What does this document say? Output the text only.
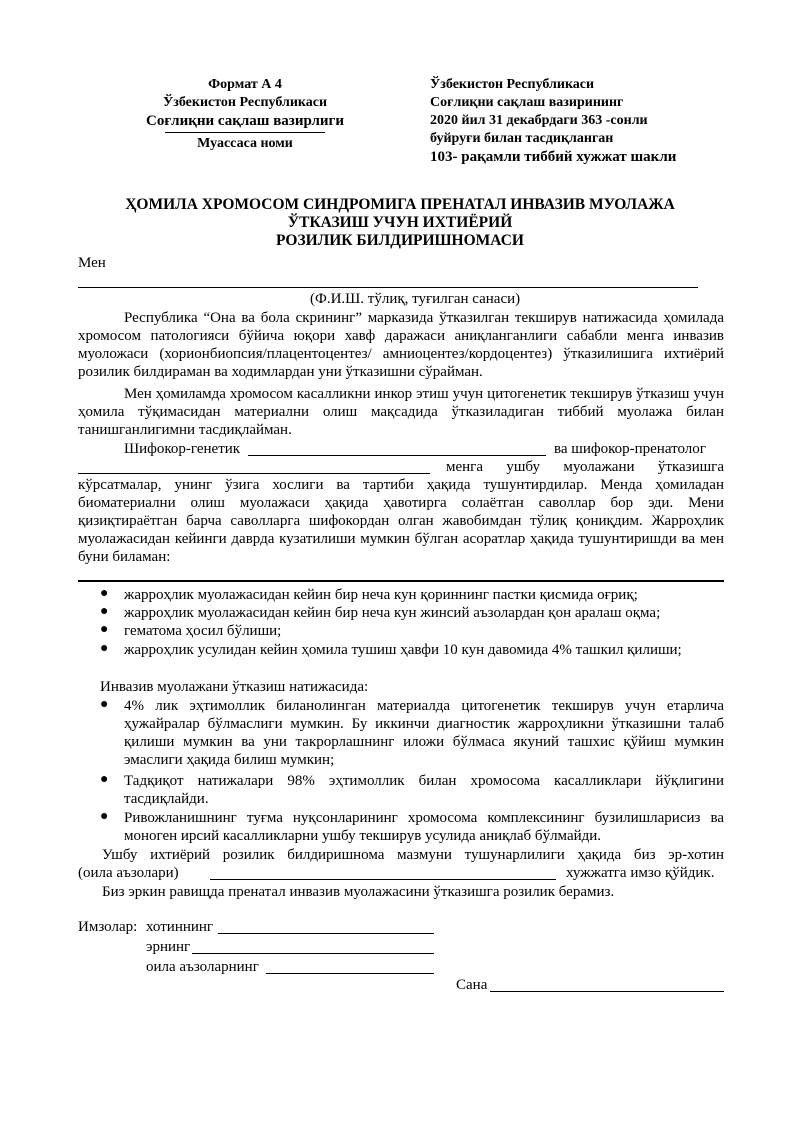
Формат А 4
Ўзбекистон Республикаси
Соғлиқни сақлаш вазирлиги
Муассаса номи
Ўзбекистон Республикаси
Соғлиқни сақлаш вазирининг
2020 йил 31 декабрдаги 363 -сонли
буйруғи билан тасдиқланган
103- рақамли тиббий хужжат шакли
ҲОМИЛА ХРОМОСОМ СИНДРОМИГА ПРЕНАТАЛ ИНВАЗИВ МУОЛАЖА
ЎТКАЗИШ УЧУН ИХТИЁРИЙ
РОЗИЛИК БИЛДИРИШНОМАСИ
Мен
(Ф.И.Ш. тўлиқ, туғилган санаси)
Республика “Она ва бола скрининг” марказида ўтказилган текширув натижасида ҳомилада хромосом патологияси бўйича юқори хавф даражаси аниқланганлиги сабабли менга инвазив муоложаси (хорионбиопсия/плацентоцентез/ амниоцентез/кордоцентез) ўтказилишига ихтиёрий розилик билдираман ва ходимлардан уни ўтказишни сўрайман.
Мен ҳомиламда хромосом касалликни инкор этиш учун цитогенетик текширув ўтказиш учун ҳомила тўқимасидан материални олиш мақсадида ўтказиладиган тиббий муолажа билан танишганлигимни тасдиқлайман.
Шифокор-генетик	ва шифокор-пренатолог
менга ушбу муолажани ўтказишга
кўрсатмалар, унинг ўзига хослиги ва тартиби ҳақида тушунтирдилар. Менда ҳомиладан биоматериални олиш муолажаси ҳақида ҳавотирга солаётган саволлар бор эди. Мени қизиқтираётган барча саволларга шифокордан олган жавобимдан тўлиқ қониқдим. Жарроҳлик муолажасидан кейинги даврда кузатилиши мумкин бўлган асоратлар ҳақида тушунтиришди ва мен буни биламан:
● жарроҳлик муолажасидан кейин бир неча кун қориннинг пастки қисмида оғриқ;
● жарроҳлик муолажасидан кейин бир неча кун жинсий аъзолардан қон аралаш оқма;
● гематома ҳосил бўлиши;
● жарроҳлик усулидан кейин ҳомила тушиш ҳавфи 10 кун давомида 4% ташкил қилиши;
Инвазив муолажани ўтказиш натижасида:
● 4% лик эҳтимоллик биланолинган материалда цитогенетик текширув учун етарлича ҳужайралар бўлмаслиги мумкин. Бу иккинчи диагностик жарроҳликни ўтказишни талаб қилиши мумкин ва уни такрорлашнинг иложи бўлмаса якуний ташхис қўйиш мумкин эмаслиги ҳақида билиш мумкин;
● Тадқиқот натижалари 98% эҳтимоллик билан хромосома касалликлари йўқлигини тасдиқлайди.
● Ривожланишнинг туғма нуқсонларининг хромосома комплексининг бузилишларисиз ва моноген ирсий касалликларни ушбу текширув усулида аниқлаб бўлмайди.
Ушбу ихтиёрий розилик билдиришнома мазмуни тушунарлилиги ҳақида биз эр-хотин
(оила аъзолари)	хужжатга имзо қўйдик.
Биз эркин равищда пренатал инвазив муолажасини ўтказишга розилик берамиз.
Имзолар: хотиннинг
эрнинг
оила аъзоларнинг
Сана
